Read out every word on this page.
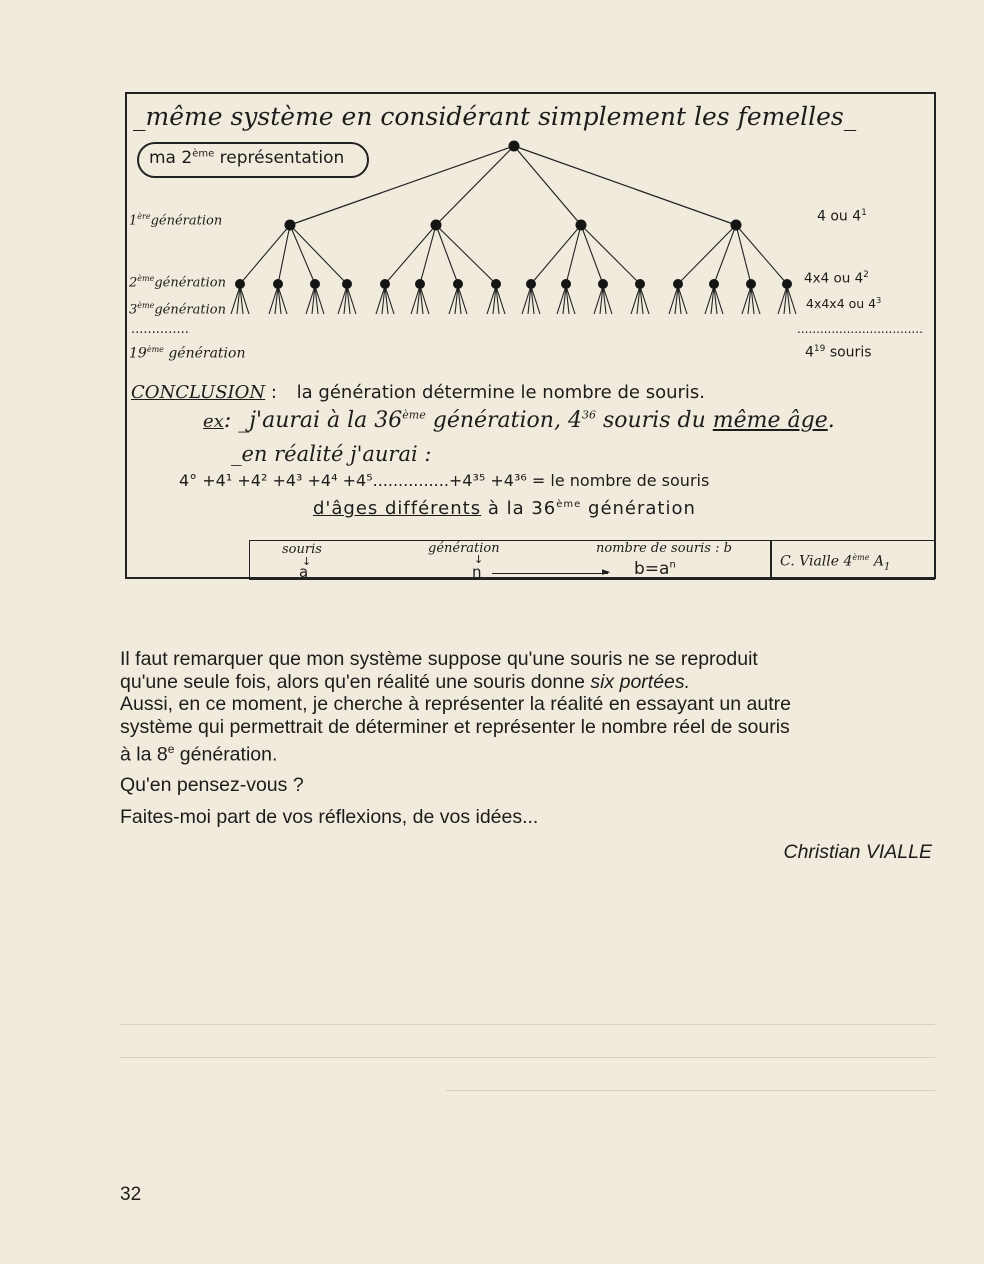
_même système en considérant simplement les femelles_
ma 2ème représentation
1èregénération
2èmegénération
3èmegénération
..............
19ème génération
4 ou $4^1$
4x4 ou $4^2$
4x4x4 ou $4^3$
.................................
$4^{19}$ souris
CONCLUSION : la génération détermine le nombre de souris.
ex: _j'aurai à la 36ème génération, $4^{36}$ souris du même âge.
_en réalité j'aurai :
4° +4¹ +4² +4³ +4⁴ +4⁵...............+4³⁵ +4³⁶ = le nombre de souris
d'âges différents à la 36ème génération
souris
↓
a
génération
↓
n	►
nombre de souris : b
$b=a^n$	C. Vialle 4ème $A_1$

Il faut remarquer que mon système suppose qu'une souris ne se reproduit
qu'une seule fois, alors qu'en réalité une souris donne six portées.

Aussi, en ce moment, je cherche à représenter la réalité en essayant un autre
système qui permettrait de déterminer et représenter le nombre réel de souris
à la 8e génération.

Qu'en pensez-vous ?

Faites-moi part de vos réflexions, de vos idées...

Christian VIALLE
32
